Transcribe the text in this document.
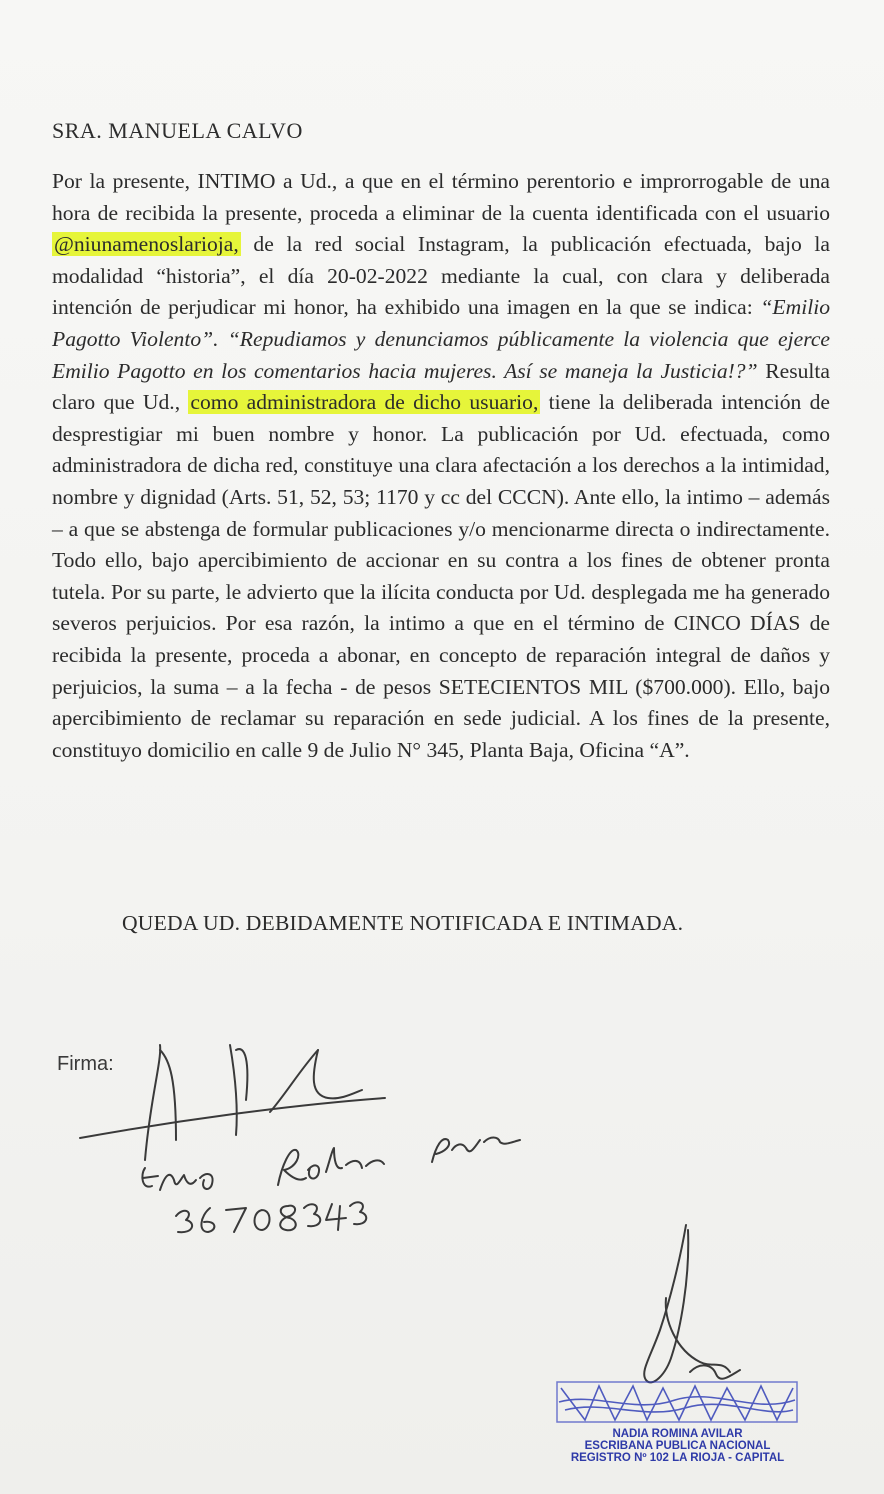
SRA. MANUELA CALVO
Por la presente, INTIMO a Ud., a que en el término perentorio e improrrogable de una hora de recibida la presente, proceda a eliminar de la cuenta identificada con el usuario @niunamenoslarioja, de la red social Instagram, la publicación efectuada, bajo la modalidad “historia”, el día 20-02-2022 mediante la cual, con clara y deliberada intención de perjudicar mi honor, ha exhibido una imagen en la que se indica: “Emilio Pagotto Violento”. “Repudiamos y denunciamos públicamente la violencia que ejerce Emilio Pagotto en los comentarios hacia mujeres. Así se maneja la Justicia!?” Resulta claro que Ud., como administradora de dicho usuario, tiene la deliberada intención de desprestigiar mi buen nombre y honor. La publicación por Ud. efectuada, como administradora de dicha red, constituye una clara afectación a los derechos a la intimidad, nombre y dignidad (Arts. 51, 52, 53; 1170 y cc del CCCN). Ante ello, la intimo – además – a que se abstenga de formular publicaciones y/o mencionarme directa o indirectamente. Todo ello, bajo apercibimiento de accionar en su contra a los fines de obtener pronta tutela. Por su parte, le advierto que la ilícita conducta por Ud. desplegada me ha generado severos perjuicios. Por esa razón, la intimo a que en el término de CINCO DÍAS de recibida la presente, proceda a abonar, en concepto de reparación integral de daños y perjuicios, la suma – a la fecha - de pesos SETECIENTOS MIL ($700.000). Ello, bajo apercibimiento de reclamar su reparación en sede judicial. A los fines de la presente, constituyo domicilio en calle 9 de Julio N° 345, Planta Baja, Oficina “A”.
QUEDA UD. DEBIDAMENTE NOTIFICADA E INTIMADA.
Firma:
NADIA ROMINA AVILAR
ESCRIBANA PUBLICA NACIONAL
REGISTRO Nº 102 LA RIOJA - CAPITAL
